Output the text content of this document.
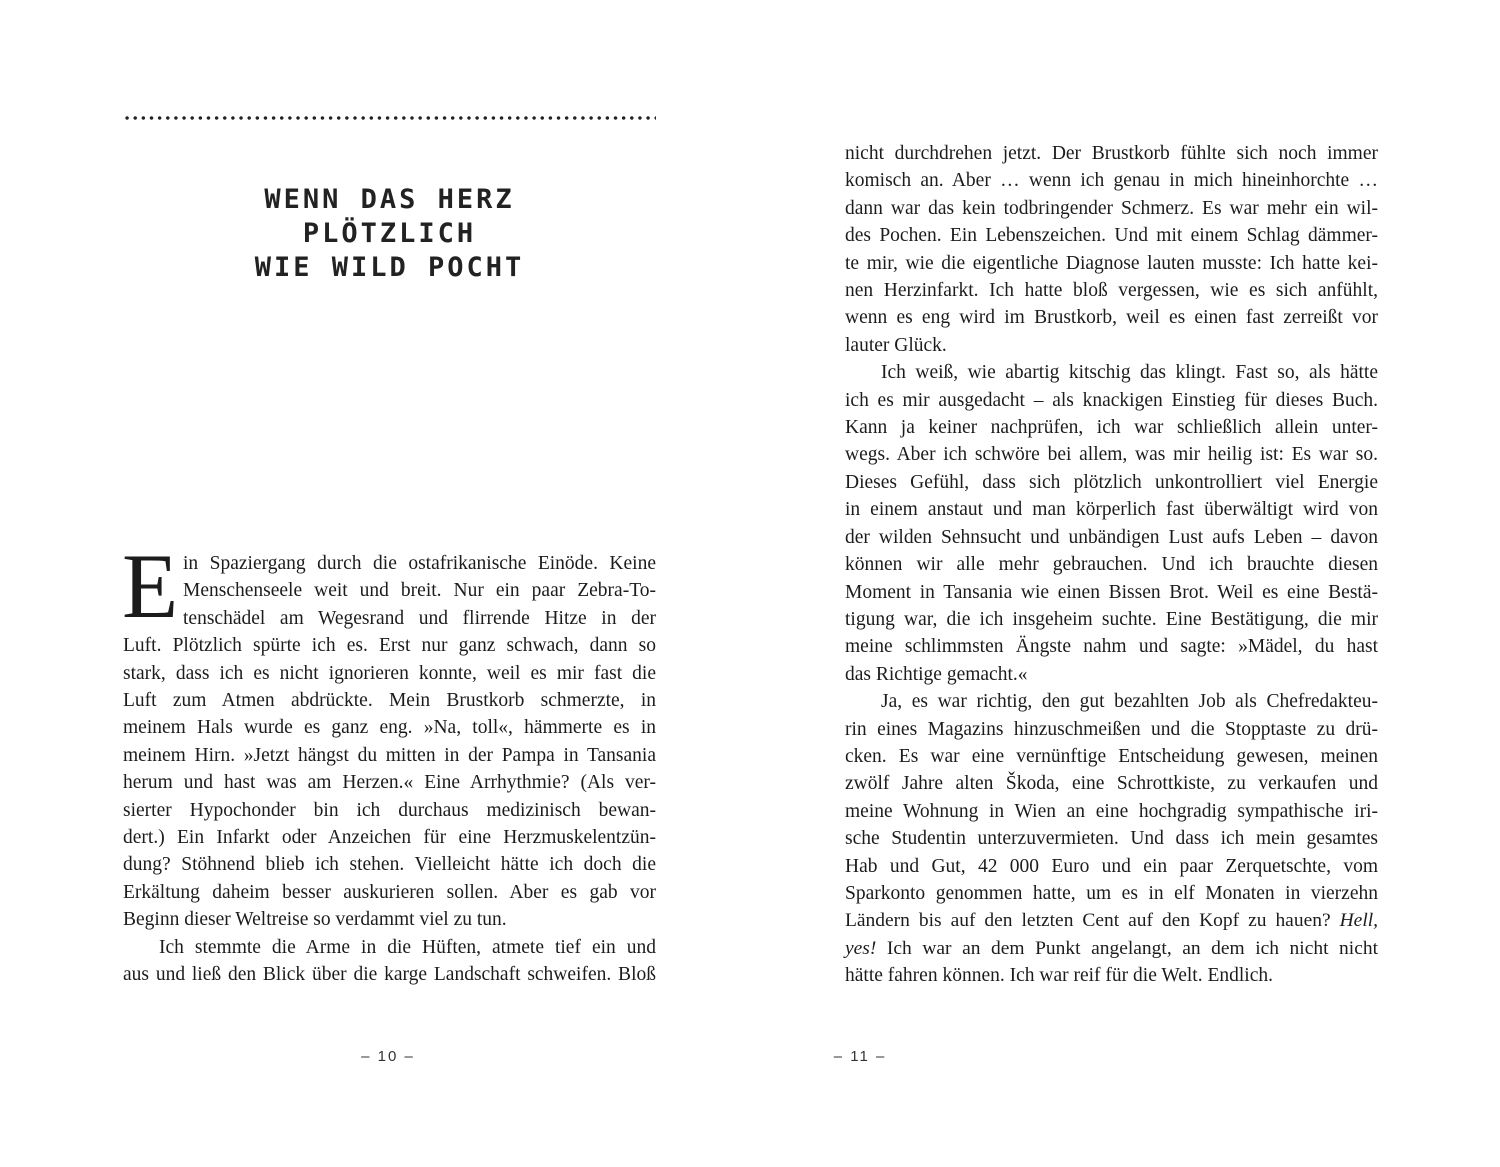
WENN DAS HERZ
PLÖTZLICH
WIE WILD POCHT
E in Spaziergang durch die ostafrikanische Einöde. Keine
Menschenseele weit und breit. Nur ein paar Zebra-To-
tenschädel am Wegesrand und flirrende Hitze in der
Luft. Plötzlich spürte ich es. Erst nur ganz schwach, dann so
stark, dass ich es nicht ignorieren konnte, weil es mir fast die
Luft zum Atmen abdrückte. Mein Brustkorb schmerzte, in
meinem Hals wurde es ganz eng. »Na, toll«, hämmerte es in
meinem Hirn. »Jetzt hängst du mitten in der Pampa in Tansania
herum und hast was am Herzen.« Eine Arrhythmie? (Als ver-
sierter Hypochonder bin ich durchaus medizinisch bewan-
dert.) Ein Infarkt oder Anzeichen für eine Herzmuskelentzün-
dung? Stöhnend blieb ich stehen. Vielleicht hätte ich doch die
Erkältung daheim besser auskurieren sollen. Aber es gab vor
Beginn dieser Weltreise so verdammt viel zu tun.
Ich stemmte die Arme in die Hüften, atmete tief ein und
aus und ließ den Blick über die karge Landschaft schweifen. Bloß
– 10 –
nicht durchdrehen jetzt. Der Brustkorb fühlte sich noch immer
komisch an. Aber … wenn ich genau in mich hineinhorchte …
dann war das kein todbringender Schmerz. Es war mehr ein wil-
des Pochen. Ein Lebenszeichen. Und mit einem Schlag dämmer-
te mir, wie die eigentliche Diagnose lauten musste: Ich hatte kei-
nen Herzinfarkt. Ich hatte bloß vergessen, wie es sich anfühlt,
wenn es eng wird im Brustkorb, weil es einen fast zerreißt vor
lauter Glück.
Ich weiß, wie abartig kitschig das klingt. Fast so, als hätte
ich es mir ausgedacht – als knackigen Einstieg für dieses Buch.
Kann ja keiner nachprüfen, ich war schließlich allein unter-
wegs. Aber ich schwöre bei allem, was mir heilig ist: Es war so.
Dieses Gefühl, dass sich plötzlich unkontrolliert viel Energie
in einem anstaut und man körperlich fast überwältigt wird von
der wilden Sehnsucht und unbändigen Lust aufs Leben – davon
können wir alle mehr gebrauchen. Und ich brauchte diesen
Moment in Tansania wie einen Bissen Brot. Weil es eine Bestä-
tigung war, die ich insgeheim suchte. Eine Bestätigung, die mir
meine schlimmsten Ängste nahm und sagte: »Mädel, du hast
das Richtige gemacht.«
Ja, es war richtig, den gut bezahlten Job als Chefredakteu-
rin eines Magazins hinzuschmeißen und die Stopptaste zu drü-
cken. Es war eine vernünftige Entscheidung gewesen, meinen
zwölf Jahre alten Škoda, eine Schrottkiste, zu verkaufen und
meine Wohnung in Wien an eine hochgradig sympathische iri-
sche Studentin unterzuvermieten. Und dass ich mein gesamtes
Hab und Gut, 42 000 Euro und ein paar Zerquetschte, vom
Sparkonto genommen hatte, um es in elf Monaten in vierzehn
Ländern bis auf den letzten Cent auf den Kopf zu hauen? Hell,
yes! Ich war an dem Punkt angelangt, an dem ich nicht nicht
hätte fahren können. Ich war reif für die Welt. Endlich.
– 11 –
